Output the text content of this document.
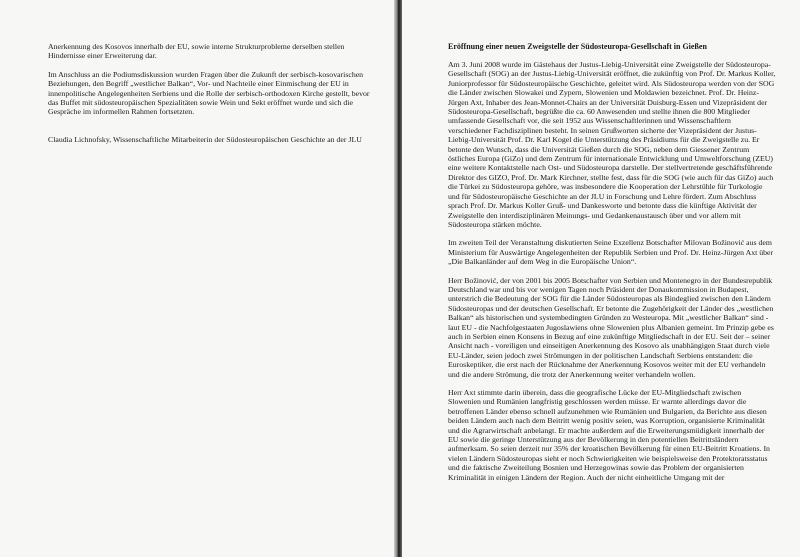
Anerkennung des Kosovos innerhalb der EU, sowie interne Strukturprobleme derselben stellen Hindernisse einer Erweiterung dar.

Im Anschluss an die Podiumsdiskussion wurden Fragen über die Zukunft der serbisch-kosovarischen Beziehungen, den Begriff „westlicher Balkan“, Vor- und Nachteile einer Einmischung der EU in innenpolitische Angelegenheiten Serbiens und die Rolle der serbisch-orthodoxen Kirche gestellt, bevor das Buffet mit südosteuropäischen Spezialitäten sowie Wein und Sekt eröffnet wurde und sich die Gespräche im informellen Rahmen fortsetzten.

Claudia Lichnofsky, Wissenschaftliche Mitarbeiterin der Südosteuropäischen Geschichte an der JLU

Eröffnung einer neuen Zweigstelle der Südosteuropa-Gesellschaft in Gießen

Am 3. Juni 2008 wurde im Gästehaus der Justus-Liebig-Universität eine Zweigstelle der Südosteuropa-Gesellschaft (SOG) an der Justus-Liebig-Universität eröffnet, die zukünftig von Prof. Dr. Markus Koller, Juniorprofessor für Südosteuropäische Geschichte, geleitet wird. Als Südosteuropa werden von der SOG die Länder zwischen Slowakei und Zypern, Slowenien und Moldawien bezeichnet. Prof. Dr. Heinz-Jürgen Axt, Inhaber des Jean-Monnet-Chairs an der Universität Duisburg-Essen und Vizepräsident der Südosteuropa-Gesellschaft, begrüßte die ca. 60 Anwesenden und stellte ihnen die 800 Mitglieder umfassende Gesellschaft vor, die seit 1952 aus Wissenschaftlerinnen und Wissenschaftlern verschiedener Fachdisziplinen besteht. In seinen Grußworten sicherte der Vizepräsident der Justus-Liebig-Universität Prof. Dr. Karl Kogel die Unterstützung des Präsidiums für die Zweigstelle zu. Er betonte den Wunsch, dass die Universität Gießen durch die SOG, neben dem Giessener Zentrum östliches Europa (GiZo) und dem Zentrum für internationale Entwicklung und Umweltforschung (ZEU) eine weitere Kontaktstelle nach Ost- und Südosteuropa darstelle. Der stellvertretende geschäftsführende Direktor des GIZO, Prof. Dr. Mark Kirchner, stellte fest, dass für die SOG (wie auch für das GiZo) auch die Türkei zu Südosteuropa gehöre, was insbesondere die Kooperation der Lehrstühle für Turkologie und für Südosteuropäische Geschichte an der JLU in Forschung und Lehre fördert. Zum Abschluss sprach Prof. Dr. Markus Koller Gruß- und Dankesworte und betonte dass die künftige Aktivität der Zweigstelle den interdisziplinären Meinungs- und Gedankenaustausch über und vor allem mit Südosteuropa stärken möchte.

Im zweiten Teil der Veranstaltung diskutierten Seine Exzellenz Botschafter Milovan Božinović aus dem Ministerium für Auswärtige Angelegenheiten der Republik Serbien und Prof. Dr. Heinz-Jürgen Axt über „Die Balkanländer auf dem Weg in die Europäische Union“.

Herr Božinović, der von 2001 bis 2005 Botschafter von Serbien und Montenegro in der Bundesrepublik Deutschland war und bis vor wenigen Tagen noch Präsident der Donaukommission in Budapest, unterstrich die Bedeutung der SOG für die Länder Südosteuropas als Bindeglied zwischen den Ländern Südosteuropas und der deutschen Gesellschaft. Er betonte die Zugehörigkeit der Länder des „westlichen Balkan“ als historischen und systembedingten Gründen zu Westeuropa. Mit „westlicher Balkan“ sind - laut EU - die Nachfolgestaaten Jugoslawiens ohne Slowenien plus Albanien gemeint. Im Prinzip gebe es auch in Serbien einen Konsens in Bezug auf eine zukünftige Mitgliedschaft in der EU. Seit der – seiner Ansicht nach - voreiligen und einseitigen Anerkennung des Kosovo als unabhängigen Staat durch viele EU-Länder, seien jedoch zwei Strömungen in der politischen Landschaft Serbiens entstanden: die Euroskeptiker, die erst nach der Rücknahme der Anerkennung Kosovos weiter mit der EU verhandeln und die andere Strömung, die trotz der Anerkennung weiter verhandeln wollen.

Herr Axt stimmte darin überein, dass die geografische Lücke der EU-Mitgliedschaft zwischen Slowenien und Rumänien langfristig geschlossen werden müsse. Er warnte allerdings davor die betroffenen Länder ebenso schnell aufzunehmen wie Rumänien und Bulgarien, da Berichte aus diesen beiden Ländern auch nach dem Beitritt wenig positiv seien, was Korruption, organisierte Kriminalität und die Agrarwirtschaft anbelangt. Er machte außerdem auf die Erweiterungsmüdigkeit innerhalb der EU sowie die geringe Unterstützung aus der Bevölkerung in den potentiellen Beitrittsländern aufmerksam. So seien derzeit nur 35% der kroatischen Bevölkerung für einen EU-Beitritt Kroatiens. In vielen Ländern Südosteuropas sieht er noch Schwierigkeiten wie beispielsweise den Protektoratsstatus und die faktische Zweiteilung Bosnien und Herzegowinas sowie das Problem der organisierten Kriminalität in einigen Ländern der Region. Auch der nicht einheitliche Umgang mit der
